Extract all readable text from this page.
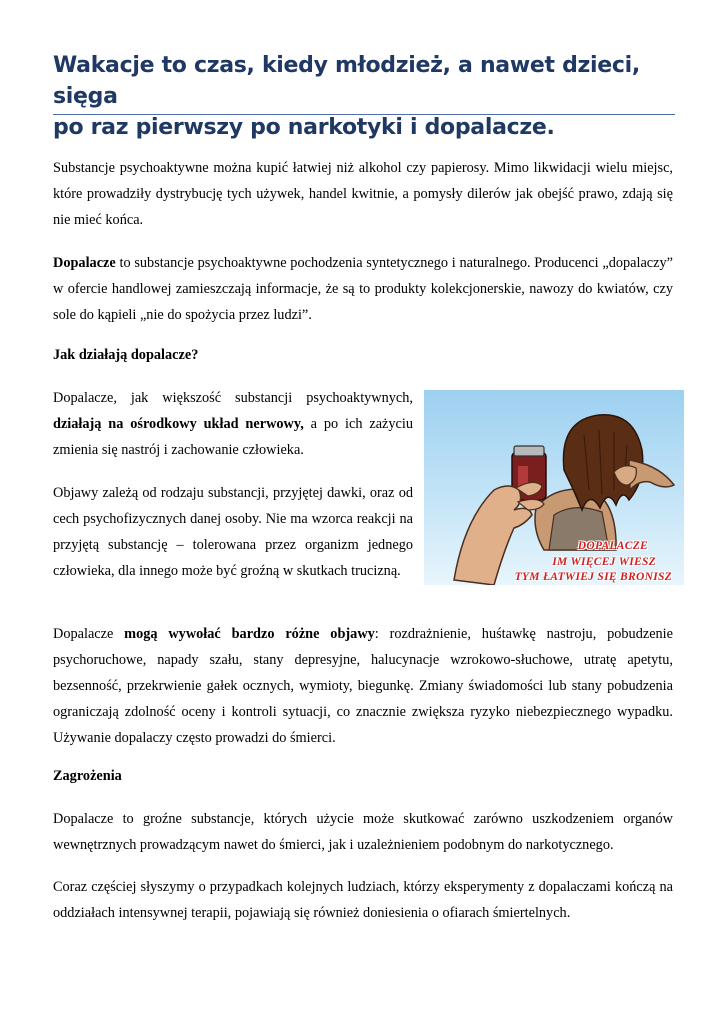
Wakacje to czas, kiedy młodzież, a nawet dzieci, sięga
po raz pierwszy po narkotyki i dopalacze.

Substancje psychoaktywne można kupić łatwiej niż alkohol czy papierosy. Mimo likwidacji wielu miejsc, które prowadziły dystrybucję tych używek, handel kwitnie, a pomysły dilerów jak obejść prawo, zdają się nie mieć końca.

Dopalacze to substancje psychoaktywne pochodzenia syntetycznego i naturalnego. Producenci „dopalaczy” w ofercie handlowej zamieszczają informacje, że są to produkty kolekcjonerskie, nawozy do kwiatów, czy sole do kąpieli „nie do spożycia przez ludzi”.

Jak działają dopalacze?

Dopalacze, jak większość substancji psychoaktywnych, działają na ośrodkowy układ nerwowy, a po ich zażyciu zmienia się nastrój i zachowanie człowieka.

Objawy zależą od rodzaju substancji, przyjętej dawki, oraz od cech psychofizycznych danej osoby. Nie ma wzorca reakcji na przyjętą substancję – tolerowana przez organizm jednego człowieka, dla innego może być groźną w skutkach trucizną.

DOPALACZE
IM WIĘCEJ WIESZ
TYM ŁATWIEJ SIĘ BRONISZ

Dopalacze mogą wywołać bardzo różne objawy: rozdrażnienie, huśtawkę nastroju, pobudzenie psychoruchowe, napady szału, stany depresyjne, halucynacje wzrokowo-słuchowe, utratę apetytu, bezsenność, przekrwienie gałek ocznych, wymioty, biegunkę. Zmiany świadomości lub stany pobudzenia ograniczają zdolność oceny i kontroli sytuacji, co znacznie zwiększa ryzyko niebezpiecznego wypadku. Używanie dopalaczy często prowadzi do śmierci.

Zagrożenia

Dopalacze to groźne substancje, których użycie może skutkować zarówno uszkodzeniem organów wewnętrznych prowadzącym nawet do śmierci, jak i uzależnieniem podobnym do narkotycznego.

Coraz częściej słyszymy o przypadkach kolejnych ludziach, którzy eksperymenty z dopalaczami kończą na oddziałach intensywnej terapii, pojawiają się również doniesienia o ofiarach śmiertelnych.
